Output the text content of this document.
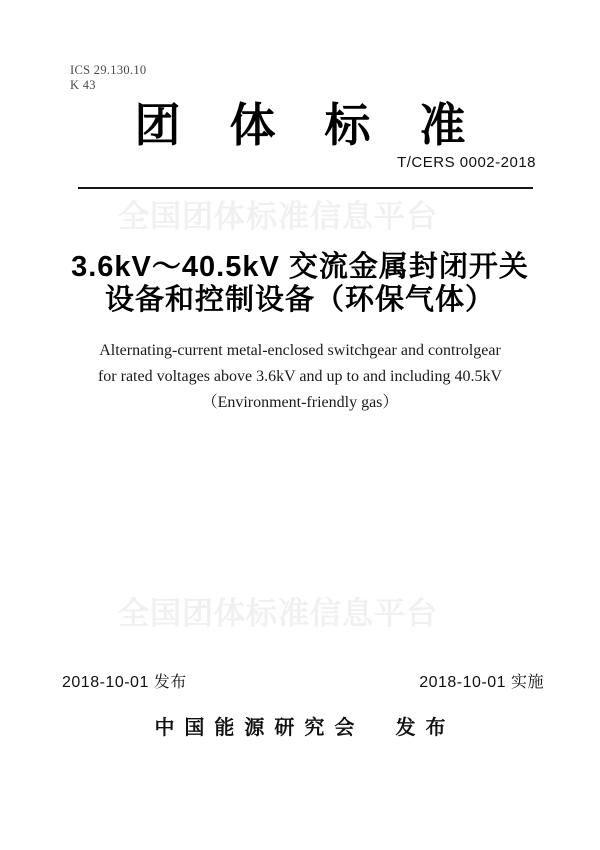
ICS 29.130.10
K 43
团体标准
T/CERS 0002-2018
全国团体标准信息平台
3.6kV～40.5kV 交流金属封闭开关
设备和控制设备（环保气体）
Alternating-current metal-enclosed switchgear and controlgear
for rated voltages above 3.6kV and up to and including 40.5kV
（Environment-friendly gas）
全国团体标准信息平台
2018-10-01 发布	2018-10-01 实施
中国能源研究会  发布
